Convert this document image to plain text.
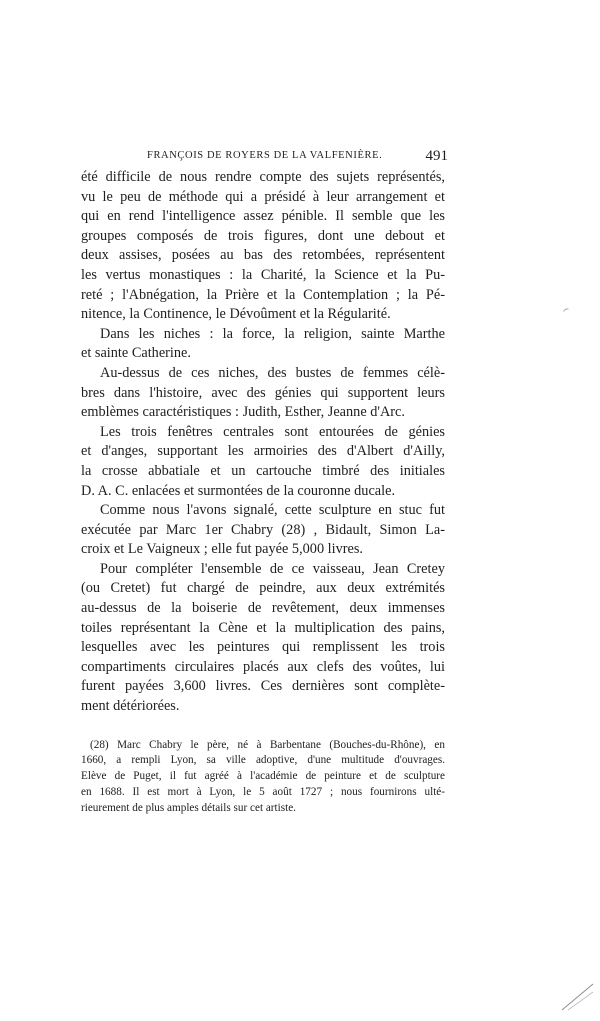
FRANÇOIS DE ROYERS DE LA VALFENIÈRE.	491

été difficile de nous rendre compte des sujets représentés,

vu le peu de méthode qui a présidé à leur arrangement et

qui en rend l'intelligence assez pénible. Il semble que les

groupes composés de trois figures, dont une debout et

deux assises, posées au bas des retombées, représentent

les vertus monastiques : la Charité, la Science et la Pu-

reté ; l'Abnégation, la Prière et la Contemplation ; la Pé-

nitence, la Continence, le Dévoûment et la Régularité.

Dans les niches : la force, la religion, sainte Marthe

et sainte Catherine.

Au-dessus de ces niches, des bustes de femmes célè-

bres dans l'histoire, avec des génies qui supportent leurs

emblèmes caractéristiques : Judith, Esther, Jeanne d'Arc.

Les trois fenêtres centrales sont entourées de génies

et d'anges, supportant les armoiries des d'Albert d'Ailly,

la crosse abbatiale et un cartouche timbré des initiales

D. A. C. enlacées et surmontées de la couronne ducale.

Comme nous l'avons signalé, cette sculpture en stuc fut

exécutée par Marc 1er Chabry (28) , Bidault, Simon La-

croix et Le Vaigneux ; elle fut payée 5,000 livres.

Pour compléter l'ensemble de ce vaisseau, Jean Cretey

(ou Cretet) fut chargé de peindre, aux deux extrémités

au-dessus de la boiserie de revêtement, deux immenses

toiles représentant la Cène et la multiplication des pains,

lesquelles avec les peintures qui remplissent les trois

compartiments circulaires placés aux clefs des voûtes, lui

furent payées 3,600 livres. Ces dernières sont complète-

ment détériorées.

(28) Marc Chabry le père, né à Barbentane (Bouches-du-Rhône), en

1660, a rempli Lyon, sa ville adoptive, d'une multitude d'ouvrages.

Elève de Puget, il fut agréé à l'académie de peinture et de sculpture

en 1688. Il est mort à Lyon, le 5 août 1727 ; nous fournirons ulté-

rieurement de plus amples détails sur cet artiste.
